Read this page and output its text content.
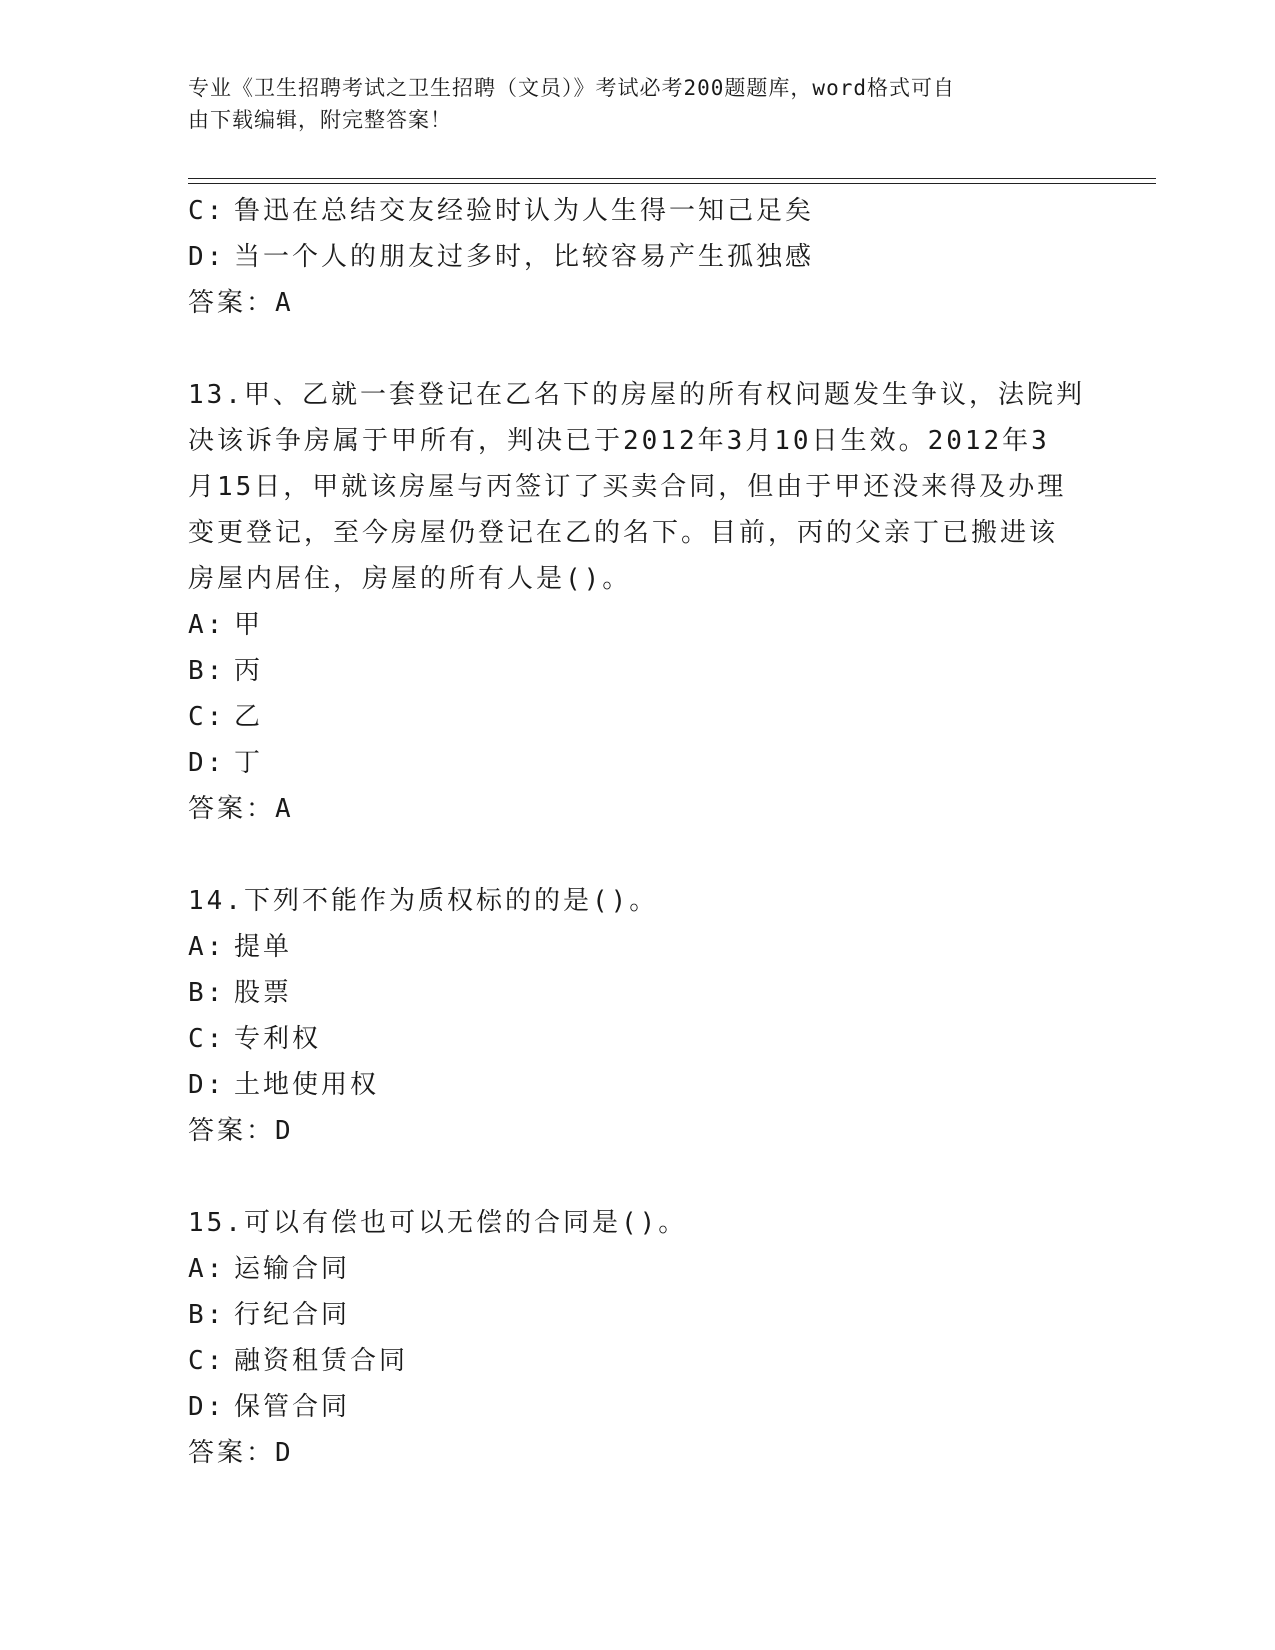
专业《卫生招聘考试之卫生招聘（文员）》考试必考200题题库，word格式可自
由下载编辑，附完整答案！
C: 鲁迅在总结交友经验时认为人生得一知己足矣
D: 当一个人的朋友过多时，比较容易产生孤独感
答案：A
13.甲、乙就一套登记在乙名下的房屋的所有权问题发生争议，法院判
决该诉争房属于甲所有，判决已于2012年3月10日生效。2012年3
月15日，甲就该房屋与丙签订了买卖合同，但由于甲还没来得及办理
变更登记，至今房屋仍登记在乙的名下。目前，丙的父亲丁已搬进该
房屋内居住，房屋的所有人是()。
A: 甲
B: 丙
C: 乙
D: 丁
答案：A
14.下列不能作为质权标的的是()。
A: 提单
B: 股票
C: 专利权
D: 土地使用权
答案：D
15.可以有偿也可以无偿的合同是()。
A: 运输合同
B: 行纪合同
C: 融资租赁合同
D: 保管合同
答案：D
